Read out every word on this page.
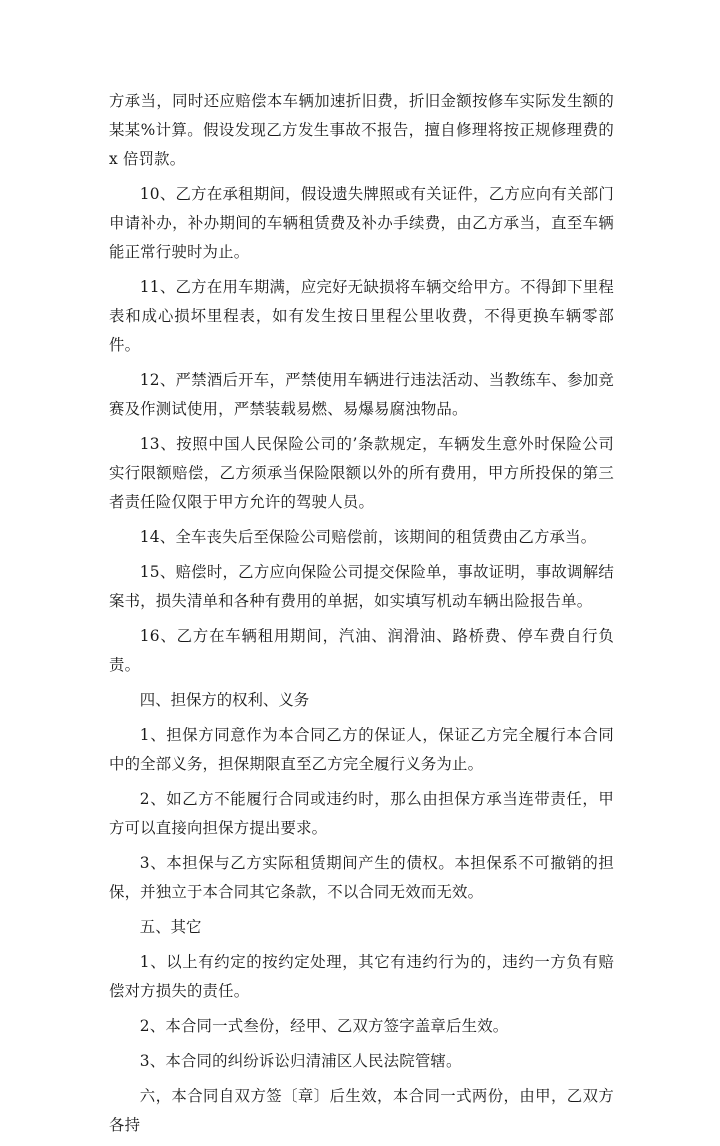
方承当，同时还应赔偿本车辆加速折旧费，折旧金额按修车实际发生额的某某%计算。假设发现乙方发生事故不报告，擅自修理将按正规修理费的 x 倍罚款。

10、乙方在承租期间，假设遗失牌照或有关证件，乙方应向有关部门申请补办，补办期间的车辆租赁费及补办手续费，由乙方承当，直至车辆能正常行驶时为止。

11、乙方在用车期满，应完好无缺损将车辆交给甲方。不得卸下里程表和成心损坏里程表，如有发生按日里程公里收费，不得更换车辆零部件。

12、严禁酒后开车，严禁使用车辆进行违法活动、当教练车、参加竞赛及作测试使用，严禁装载易燃、易爆易腐浊物品。

13、按照中国人民保险公司的’条款规定，车辆发生意外时保险公司实行限额赔偿，乙方须承当保险限额以外的所有费用，甲方所投保的第三者责任险仅限于甲方允许的驾驶人员。

14、全车丧失后至保险公司赔偿前，该期间的租赁费由乙方承当。

15、赔偿时，乙方应向保险公司提交保险单，事故证明，事故调解结案书，损失清单和各种有费用的单据，如实填写机动车辆出险报告单。

16、乙方在车辆租用期间，汽油、润滑油、路桥费、停车费自行负责。

四、担保方的权利、义务

1、担保方同意作为本合同乙方的保证人，保证乙方完全履行本合同中的全部义务，担保期限直至乙方完全履行义务为止。

2、如乙方不能履行合同或违约时，那么由担保方承当连带责任，甲方可以直接向担保方提出要求。

3、本担保与乙方实际租赁期间产生的债权。本担保系不可撤销的担保，并独立于本合同其它条款，不以合同无效而无效。

五、其它

1、以上有约定的按约定处理，其它有违约行为的，违约一方负有赔偿对方损失的责任。

2、本合同一式叁份，经甲、乙双方签字盖章后生效。

3、本合同的纠纷诉讼归清浦区人民法院管辖。

六，本合同自双方签〔章〕后生效，本合同一式两份，由甲，乙双方各持
